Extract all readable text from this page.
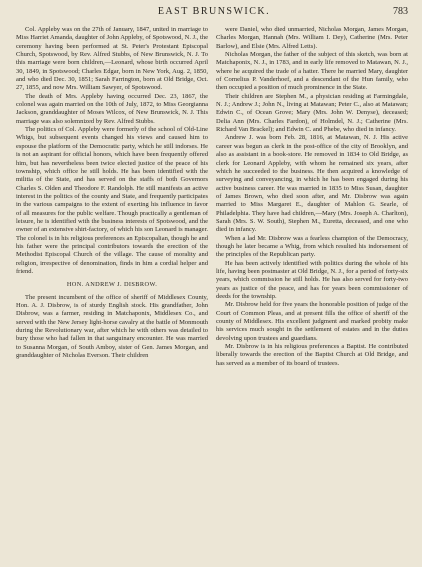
EAST BRUNSWICK.	783

Col. Appleby was on the 27th of January, 1847, united in marriage to Miss Harriet Amanda, daughter of John Appleby, of Spotswood, N. J., the ceremony having been performed at St. Peter's Protestant Episcopal Church, Spotswood, by Rev. Alfred Stubbs, of New Brunswick, N. J. To this marriage were born children,—Leonard, whose birth occurred April 30, 1849, in Spotswood; Charles Edgar, born in New York, Aug. 2, 1850, and who died Dec. 30, 1851; Sarah Farrington, born at Old Bridge, Oct. 27, 1855, and now Mrs. William Sawyer, of Spotswood.

The death of Mrs. Appleby having occurred Dec. 23, 1867, the colonel was again married on the 10th of July, 1872, to Miss Georgianna Jackson, granddaughter of Moses Wilcox, of New Brunswick, N. J. This marriage was also solemnized by Rev. Alfred Stubbs.

The politics of Col. Appleby were formerly of the school of Old-Line Whigs, but subsequent events changed his views and caused him to espouse the platform of the Democratic party, which he still indorses. He is not an aspirant for official honors, which have been frequently offered him, but has nevertheless been twice elected justice of the peace of his township, which office he still holds. He has been identified with the militia of the State, and has served on the staffs of both Governors Charles S. Olden and Theodore F. Randolph. He still manifests an active interest in the politics of the county and State, and frequently participates in the various campaigns to the extent of exerting his influence in favor of all measures for the public welfare. Though practically a gentleman of leisure, he is identified with the business interests of Spotswood, and the owner of an extensive shirt-factory, of which his son Leonard is manager. The colonel is in his religious preferences an Episcopalian, though he and his father were the principal contributors towards the erection of the Methodist Episcopal Church of the village. The cause of morality and religion, irrespective of denomination, finds in him a cordial helper and friend.

HON. ANDREW J. DISBROW.

The present incumbent of the office of sheriff of Middlesex County, Hon. A. J. Disbrow, is of sturdy English stock. His grandfather, John Disbrow, was a farmer, residing in Matchaponix, Middlesex Co., and served with the New Jersey light-horse cavalry at the battle of Monmouth during the Revolutionary war, after which he with others was detailed to bury those who had fallen in that sanguinary encounter. He was married to Susanna Morgan, of South Amboy, sister of Gen. James Morgan, and granddaughter of Nicholas Everson. Their children

were Daniel, who died unmarried, Nicholas Morgan, James Morgan, Charles Morgan, Hannah (Mrs. William I. Dey), Catherine (Mrs. Peter Barlow), and Elsie (Mrs. Alfred Letts).

Nicholas Morgan, the father of the subject of this sketch, was born at Matchaponix, N. J., in 1783, and in early life removed to Matawan, N. J., where he acquired the trade of a hatter. There he married Mary, daughter of Cornelius P. Vanderhoef, and a descendant of the Hun family, who then occupied a position of much prominence in the State.

Their children are Stephen M., a physician residing at Farmingdale, N. J.; Andrew J.; John N., living at Matawan; Peter C., also at Matawan; Edwin C., of Ocean Grove; Mary (Mrs. John W. Denyse), deceased; Delia Ann (Mrs. Charles Fardon), of Holmdel, N. J.; Catherine (Mrs. Richard Van Brackel); and Edwin C. and Phebe, who died in infancy.

Andrew J. was born Feb. 28, 1816, at Matawan, N. J. His active career was begun as clerk in the post-office of the city of Brooklyn, and also as assistant in a book-store. He removed in 1834 to Old Bridge, as clerk for Leonard Appleby, with whom he remained six years, after which he succeeded to the business. He then acquired a knowledge of surveying and conveyancing, in which he has been engaged during his active business career. He was married in 1835 to Miss Susan, daughter of James Brown, who died soon after, and Mr. Disbrow was again married to Miss Margaret E., daughter of Mahlon G. Searle, of Philadelphia. They have had children,—Mary (Mrs. Joseph A. Charlton), Sarah (Mrs. S. W. South), Stephen M., Euretta, deceased, and one who died in infancy.

When a lad Mr. Disbrow was a fearless champion of the Democracy, though he later became a Whig, from which resulted his indorsement of the principles of the Republican party.

He has been actively identified with politics during the whole of his life, having been postmaster at Old Bridge, N. J., for a period of forty-six years, which commission he still holds. He has also served for forty-two years as justice of the peace, and has for years been commissioner of deeds for the township.

Mr. Disbrow held for five years the honorable position of judge of the Court of Common Pleas, and at present fills the office of sheriff of the county of Middlesex. His excellent judgment and marked probity make his services much sought in the settlement of estates and in the duties devolving upon trustees and guardians.

Mr. Disbrow is in his religious preferences a Baptist. He contributed liberally towards the erection of the Baptist Church at Old Bridge, and has served as a member of its board of trustees.
